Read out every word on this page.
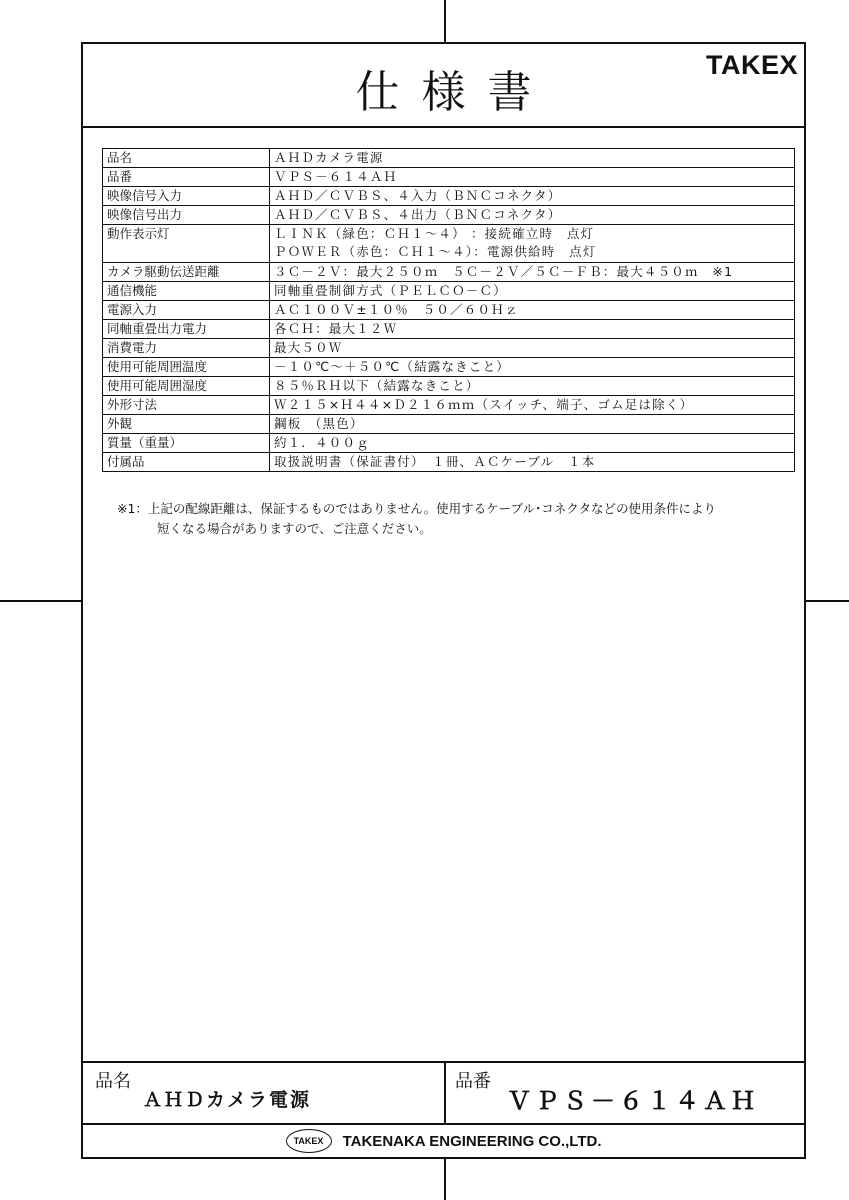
仕様書
TAKEX
品名	ＡＨＤカメラ電源
品番	ＶＰＳ－６１４ＡＨ
映像信号入力	ＡＨＤ／ＣＶＢＳ、４入力（ＢＮＣコネクタ）
映像信号出力	ＡＨＤ／ＣＶＢＳ、４出力（ＢＮＣコネクタ）
動作表示灯	ＬＩＮＫ（緑色：ＣＨ１～４） ：接続確立時　点灯
ＰＯＷＥＲ（赤色：ＣＨ１～４）：電源供給時　点灯

カメラ駆動伝送距離	３Ｃ－２Ｖ：最大２５０ｍ　５Ｃ－２Ｖ／５Ｃ－ＦＢ：最大４５０ｍ　※1
通信機能	同軸重畳制御方式（ＰＥＬＣＯ－Ｃ）
電源入力	ＡＣ１００Ｖ±１０％　５０／６０Ｈｚ
同軸重畳出力電力	各ＣＨ：最大１２Ｗ
消費電力	最大５０Ｗ
使用可能周囲温度	－１０℃～＋５０℃（結露なきこと）
使用可能周囲湿度	８５％ＲＨ以下（結露なきこと）
外形寸法	Ｗ２１５×Ｈ４４×Ｄ２１６ｍｍ（スイッチ、端子、ゴム足は除く）
外観	鋼板　（黒色）
質量（重量）	約１．４００ｇ
付属品	取扱説明書（保証書付）　１冊、ＡＣケーブル　１本
※1：上記の配線距離は、保証するものではありません。使用するケーブル･コネクタなどの使用条件により
短くなる場合がありますので、ご注意ください。
品名
ＡＨＤカメラ電源
品番
ＶＰＳ－６１４ＡＨ
TAKEX TAKENAKA ENGINEERING CO.,LTD.
